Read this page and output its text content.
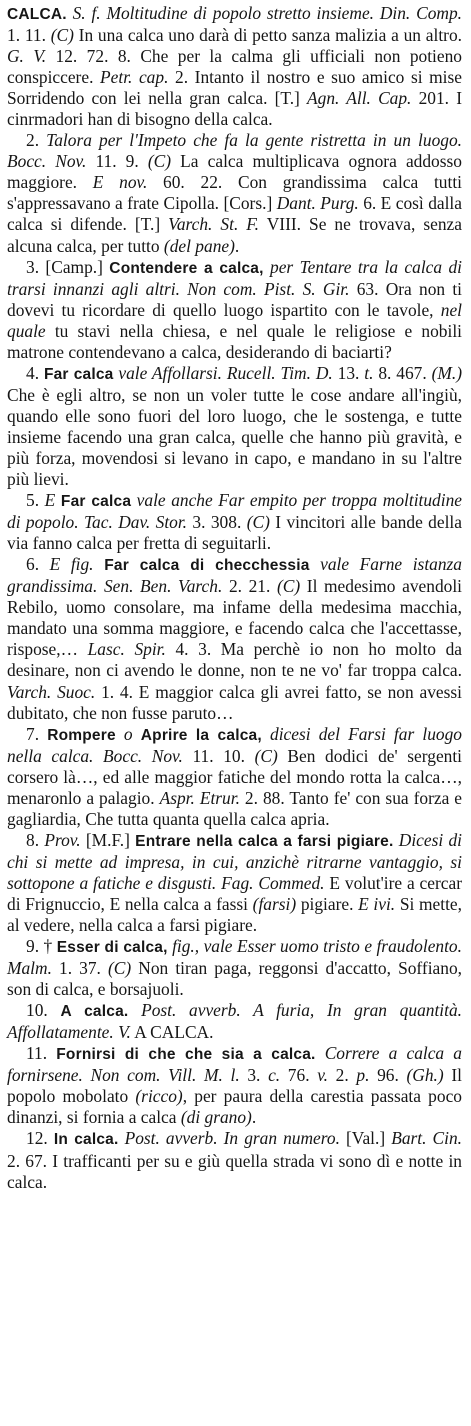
CALCA. S. f. Moltitudine di popolo stretto insieme. Din. Comp. 1. 11. (C) In una calca uno darà di petto sanza malizia a un altro. G. V. 12. 72. 8. Che per la calma gli ufficiali non potieno conspiccere. Petr. cap. 2. Intanto il nostro e suo amico si mise Sorridendo con lei nella gran calca. [T.] Agn. All. Cap. 201. I cinrmadori han di bisogno della calca.

2. Talora per l'Impeto che fa la gente ristretta in un luogo. Bocc. Nov. 11. 9. (C) La calca multiplicava ognora addosso maggiore. E nov. 60. 22. Con grandissima calca tutti s'appressavano a frate Cipolla. [Cors.] Dant. Purg. 6. E così dalla calca si difende. [T.] Varch. St. F. VIII. Se ne trovava, senza alcuna calca, per tutto (del pane).

3. [Camp.] Contendere a calca, per Tentare tra la calca di trarsi innanzi agli altri. Non com. Pist. S. Gir. 63. Ora non ti dovevi tu ricordare di quello luogo ispartito con le tavole, nel quale tu stavi nella chiesa, e nel quale le religiose e nobili matrone contendevano a calca, desiderando di baciarti?

4. Far calca vale Affollarsi. Rucell. Tim. D. 13. t. 8. 467. (M.) Che è egli altro, se non un voler tutte le cose andare all'ingiù, quando elle sono fuori del loro luogo, che le sostenga, e tutte insieme facendo una gran calca, quelle che hanno più gravità, e più forza, movendosi si levano in capo, e mandano in su l'altre più lievi.

5. E Far calca vale anche Far empito per troppa moltitudine di popolo. Tac. Dav. Stor. 3. 308. (C) I vincitori alle bande della via fanno calca per fretta di seguitarli.

6. E fig. Far calca di checchessia vale Farne istanza grandissima. Sen. Ben. Varch. 2. 21. (C) Il medesimo avendoli Rebilo, uomo consolare, ma infame della medesima macchia, mandato una somma maggiore, e facendo calca che l'accettasse, rispose,… Lasc. Spir. 4. 3. Ma perchè io non ho molto da desinare, non ci avendo le donne, non te ne vo' far troppa calca. Varch. Suoc. 1. 4. E maggior calca gli avrei fatto, se non avessi dubitato, che non fusse paruto…

7. Rompere o Aprire la calca, dicesi del Farsi far luogo nella calca. Bocc. Nov. 11. 10. (C) Ben dodici de' sergenti corsero là…, ed alle maggior fatiche del mondo rotta la calca…, menaronlo a palagio. Aspr. Etrur. 2. 88. Tanto fe' con sua forza e gagliardia, Che tutta quanta quella calca apria.

8. Prov. [M.F.] Entrare nella calca a farsi pigiare. Dicesi di chi si mette ad impresa, in cui, anzichè ritrarne vantaggio, si sottopone a fatiche e disgusti. Fag. Commed. E volut'ire a cercar di Frignuccio, E nella calca a fassi (farsi) pigiare. E ivi. Si mette, al vedere, nella calca a farsi pigiare.

9. † Esser di calca, fig., vale Esser uomo tristo e fraudolento. Malm. 1. 37. (C) Non tiran paga, reggonsi d'accatto, Soffiano, son di calca, e borsajuoli.

10. A calca. Post. avverb. A furia, In gran quantità. Affollatamente. V. A CALCA.

11. Fornirsi di che che sia a calca. Correre a calca a fornirsene. Non com. Vill. M. l. 3. c. 76. v. 2. p. 96. (Gh.) Il popolo mobolato (ricco), per paura della carestia passata poco dinanzi, si fornia a calca (di grano).

12. In calca. Post. avverb. In gran numero. [Val.] Bart. Cin. 2. 67. I trafficanti per su e giù quella strada vi sono dì e notte in calca.
